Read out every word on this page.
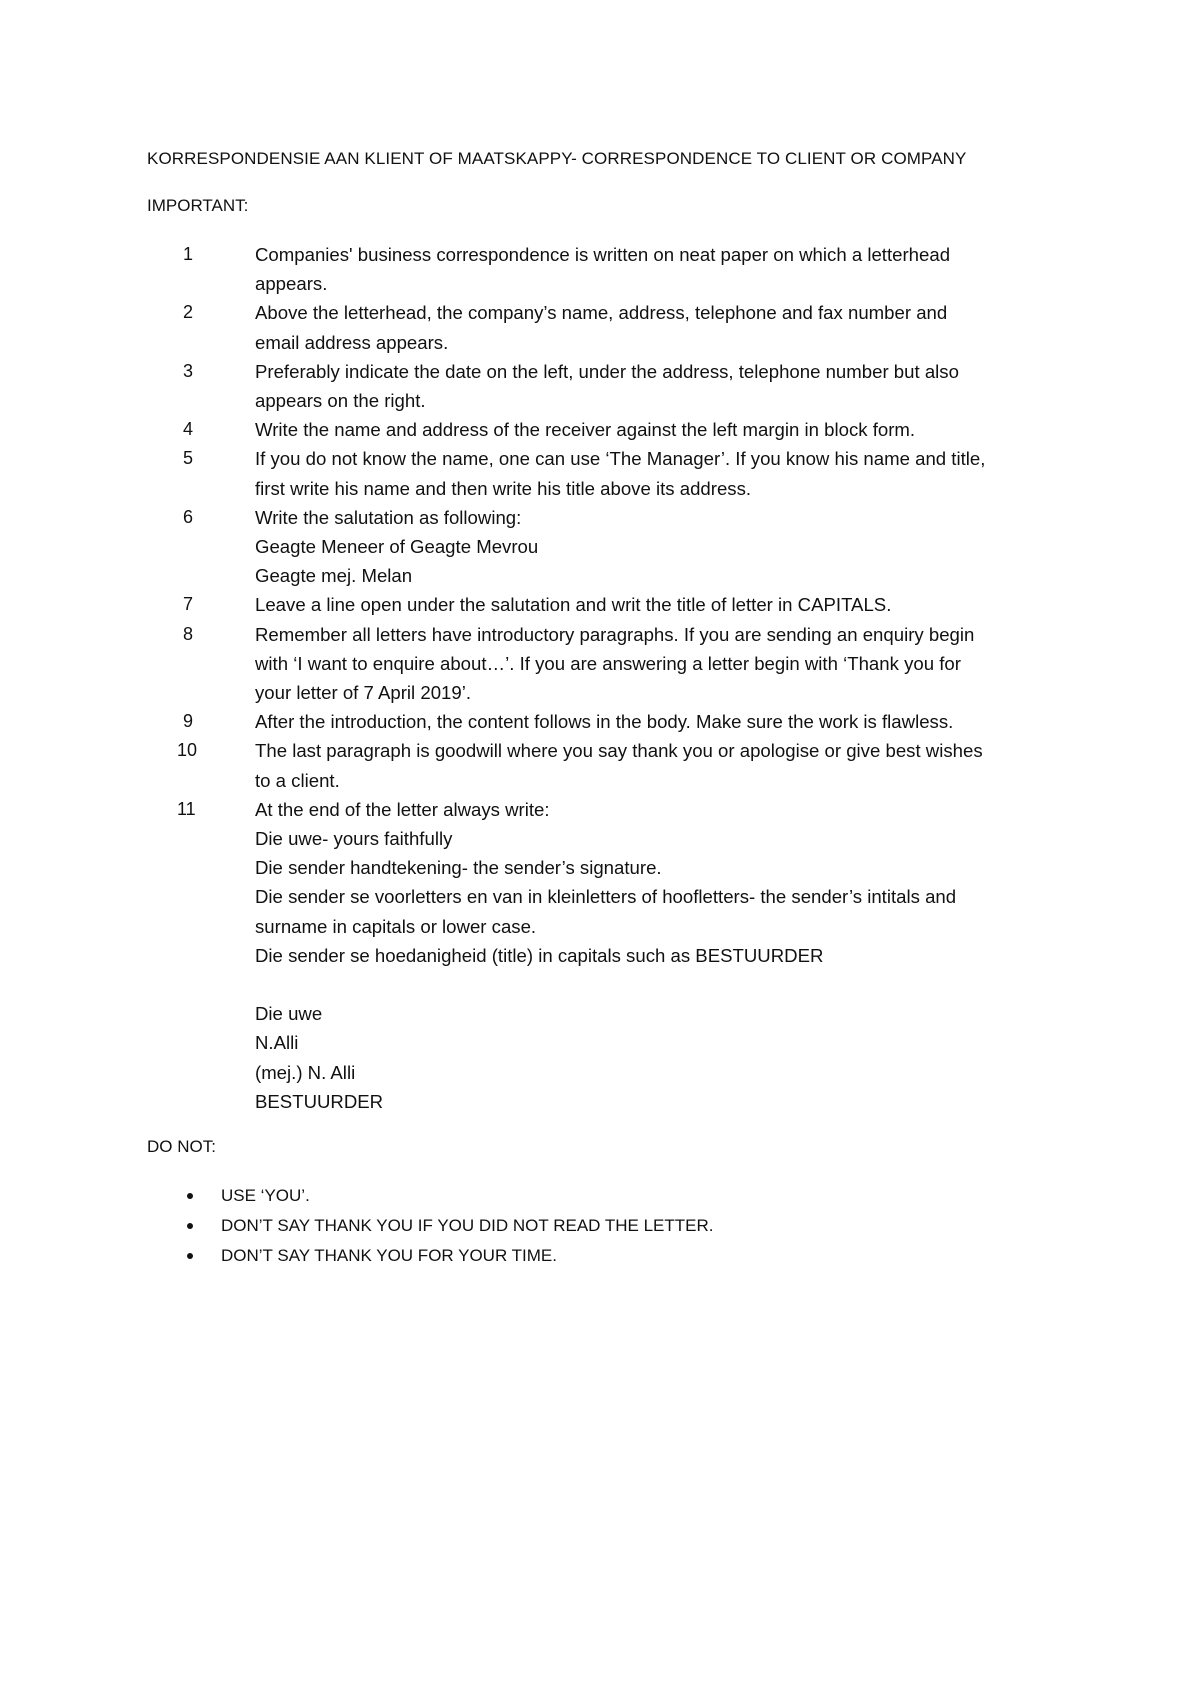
KORRESPONDENSIE AAN KLIENT OF MAATSKAPPY- CORRESPONDENCE TO CLIENT OR COMPANY
IMPORTANT:
1	Companies' business correspondence is written on neat paper on which a letterhead
appears.
2	Above the letterhead, the company’s name, address, telephone and fax number and
email address appears.
3	Preferably indicate the date on the left, under the address, telephone number but also
appears on the right.
4	Write the name and address of the receiver against the left margin in block form.
5	If you do not know the name, one can use ‘The Manager’. If you know his name and title,
first write his name and then write his title above its address.
6	Write the salutation as following:
Geagte Meneer of Geagte Mevrou
Geagte mej. Melan
7	Leave a line open under the salutation and writ the title of letter in CAPITALS.
8	Remember all letters have introductory paragraphs. If you are sending an enquiry begin
with ‘I want to enquire about…’. If you are answering a letter begin with ‘Thank you for
your letter of 7 April 2019’.
9	After the introduction, the content follows in the body. Make sure the work is flawless.
10	The last paragraph is goodwill where you say thank you or apologise or give best wishes
to a client.
11	At the end of the letter always write:
Die uwe- yours faithfully
Die sender handtekening- the sender’s signature.
Die sender se voorletters en van in kleinletters of hoofletters- the sender’s intitals and
surname in capitals or lower case.
Die sender se hoedanigheid (title) in capitals such as BESTUURDER
Die uwe
N.Alli
(mej.) N. Alli
BESTUURDER
DO NOT:
USE ‘YOU’.
DON’T SAY THANK YOU IF YOU DID NOT READ THE LETTER.
DON’T SAY THANK YOU FOR YOUR TIME.
